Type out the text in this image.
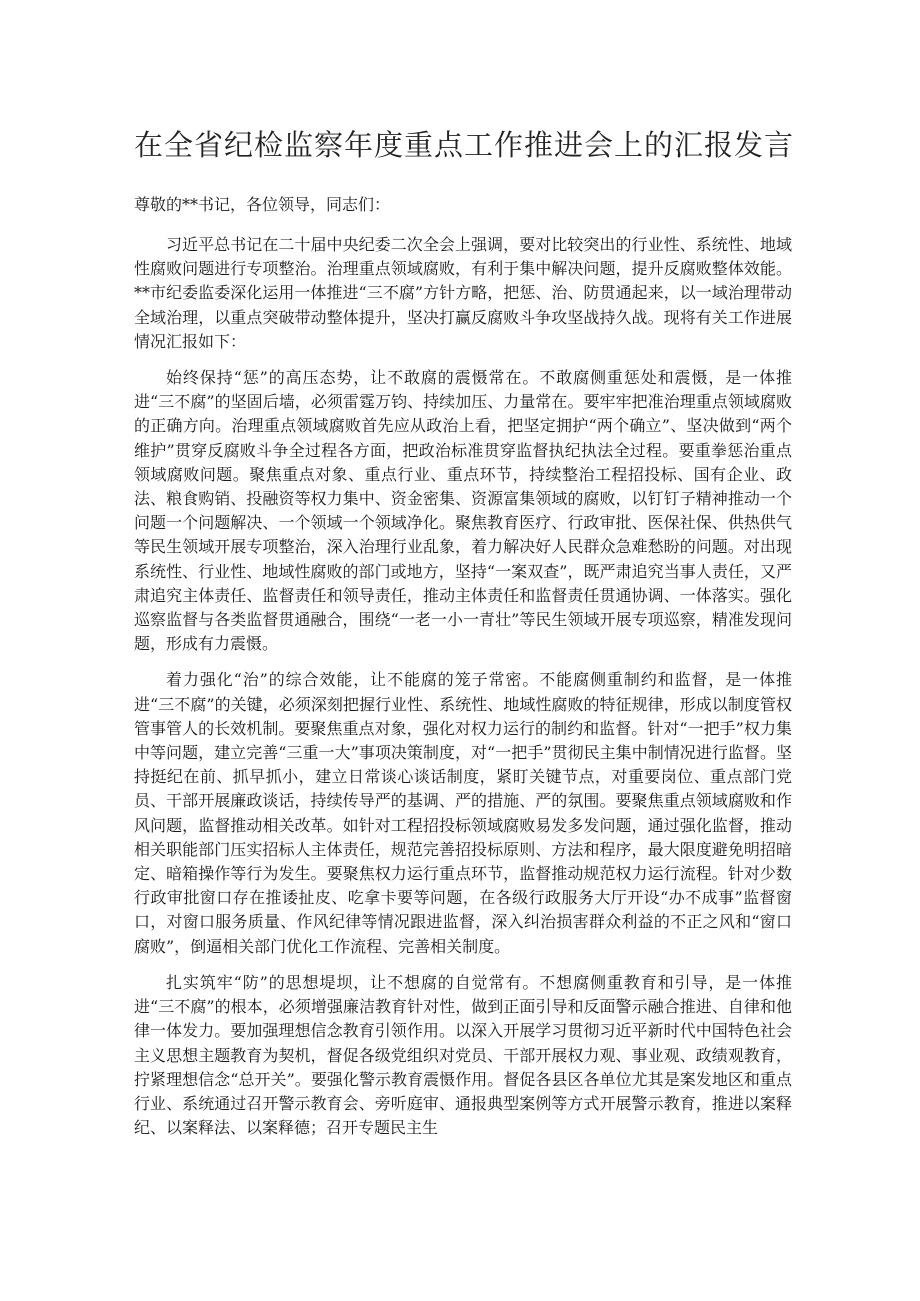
在全省纪检监察年度重点工作推进会上的汇报发言

尊敬的**书记，各位领导，同志们：

习近平总书记在二十届中央纪委二次全会上强调，要对比较突出的行业性、系统性、地域性腐败问题进行专项整治。治理重点领域腐败，有利于集中解决问题，提升反腐败整体效能。**市纪委监委深化运用一体推进“三不腐”方针方略，把惩、治、防贯通起来，以一域治理带动全域治理，以重点突破带动整体提升，坚决打赢反腐败斗争攻坚战持久战。现将有关工作进展情况汇报如下：

始终保持“惩”的高压态势，让不敢腐的震慑常在。不敢腐侧重惩处和震慑，是一体推进“三不腐”的坚固后墙，必须雷霆万钧、持续加压、力量常在。要牢牢把准治理重点领域腐败的正确方向。治理重点领域腐败首先应从政治上看，把坚定拥护“两个确立”、坚决做到“两个维护”贯穿反腐败斗争全过程各方面，把政治标准贯穿监督执纪执法全过程。要重拳惩治重点领域腐败问题。聚焦重点对象、重点行业、重点环节，持续整治工程招投标、国有企业、政法、粮食购销、投融资等权力集中、资金密集、资源富集领域的腐败，以钉钉子精神推动一个问题一个问题解决、一个领域一个领域净化。聚焦教育医疗、行政审批、医保社保、供热供气等民生领域开展专项整治，深入治理行业乱象，着力解决好人民群众急难愁盼的问题。对出现系统性、行业性、地域性腐败的部门或地方，坚持“一案双查”，既严肃追究当事人责任，又严肃追究主体责任、监督责任和领导责任，推动主体责任和监督责任贯通协调、一体落实。强化巡察监督与各类监督贯通融合，围绕“一老一小一青壮”等民生领域开展专项巡察，精准发现问题，形成有力震慑。

着力强化“治”的综合效能，让不能腐的笼子常密。不能腐侧重制约和监督，是一体推进“三不腐”的关键，必须深刻把握行业性、系统性、地域性腐败的特征规律，形成以制度管权管事管人的长效机制。要聚焦重点对象，强化对权力运行的制约和监督。针对“一把手”权力集中等问题，建立完善“三重一大”事项决策制度，对“一把手”贯彻民主集中制情况进行监督。坚持挺纪在前、抓早抓小，建立日常谈心谈话制度，紧盯关键节点，对重要岗位、重点部门党员、干部开展廉政谈话，持续传导严的基调、严的措施、严的氛围。要聚焦重点领域腐败和作风问题，监督推动相关改革。如针对工程招投标领域腐败易发多发问题，通过强化监督，推动相关职能部门压实招标人主体责任，规范完善招投标原则、方法和程序，最大限度避免明招暗定、暗箱操作等行为发生。要聚焦权力运行重点环节，监督推动规范权力运行流程。针对少数行政审批窗口存在推诿扯皮、吃拿卡要等问题，在各级行政服务大厅开设“办不成事”监督窗口，对窗口服务质量、作风纪律等情况跟进监督，深入纠治损害群众利益的不正之风和“窗口腐败”，倒逼相关部门优化工作流程、完善相关制度。

扎实筑牢“防”的思想堤坝，让不想腐的自觉常有。不想腐侧重教育和引导，是一体推进“三不腐”的根本，必须增强廉洁教育针对性，做到正面引导和反面警示融合推进、自律和他律一体发力。要加强理想信念教育引领作用。以深入开展学习贯彻习近平新时代中国特色社会主义思想主题教育为契机，督促各级党组织对党员、干部开展权力观、事业观、政绩观教育，拧紧理想信念“总开关”。要强化警示教育震慑作用。督促各县区各单位尤其是案发地区和重点行业、系统通过召开警示教育会、旁听庭审、通报典型案例等方式开展警示教育，推进以案释纪、以案释法、以案释德；召开专题民主生
